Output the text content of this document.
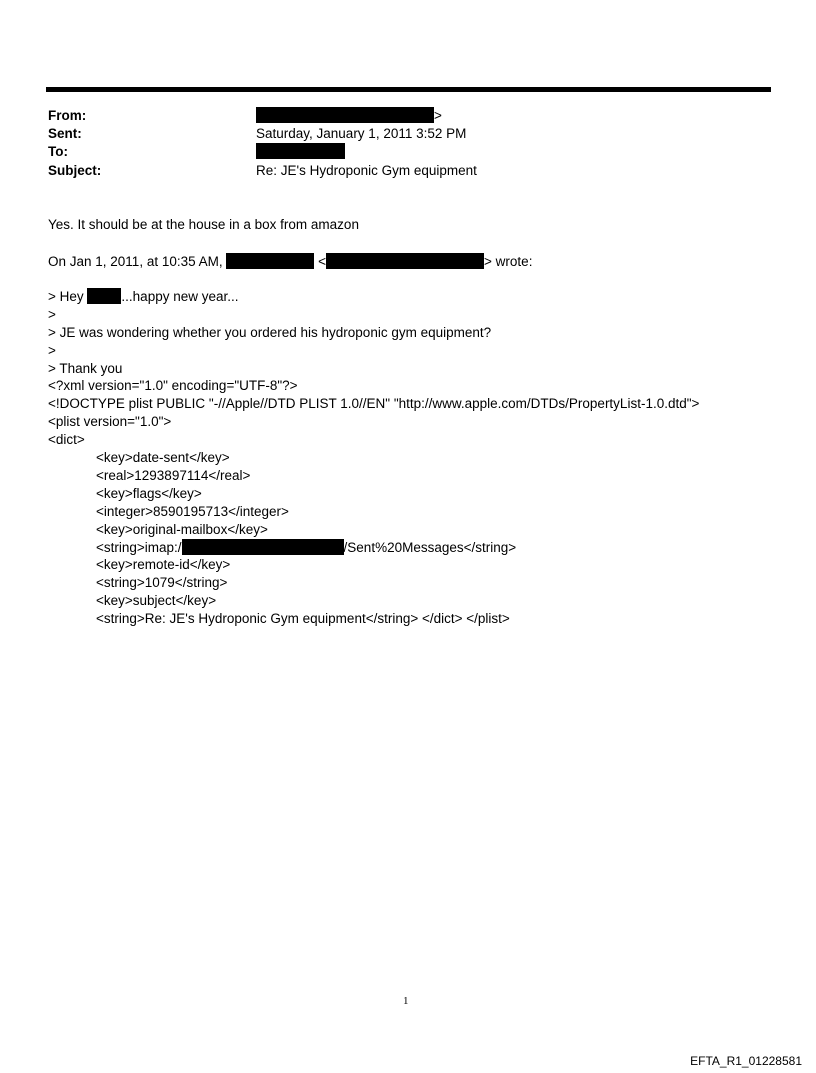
From:	>
Sent:	Saturday, January 1, 2011 3:52 PM
To:
Subject:	Re: JE's Hydroponic Gym equipment
Yes. It should be at the house in a box from amazon
On Jan 1, 2011, at 10:35 AM,	<	> wrote:
> Hey	...happy new year...
>
> JE was wondering whether you ordered his hydroponic gym equipment?
>
> Thank you
<?xml version="1.0" encoding="UTF-8"?>
<!DOCTYPE plist PUBLIC "-//Apple//DTD PLIST 1.0//EN" "http://www.apple.com/DTDs/PropertyList-1.0.dtd">
<plist version="1.0">
<dict>
<key>date-sent</key>
<real>1293897114</real>
<key>flags</key>
<integer>8590195713</integer>
<key>original-mailbox</key>
<string>imap:/	/Sent%20Messages</string>
<key>remote-id</key>
<string>1079</string>
<key>subject</key>
<string>Re: JE's Hydroponic Gym equipment</string> </dict> </plist>
1
EFTA_R1_01228581
